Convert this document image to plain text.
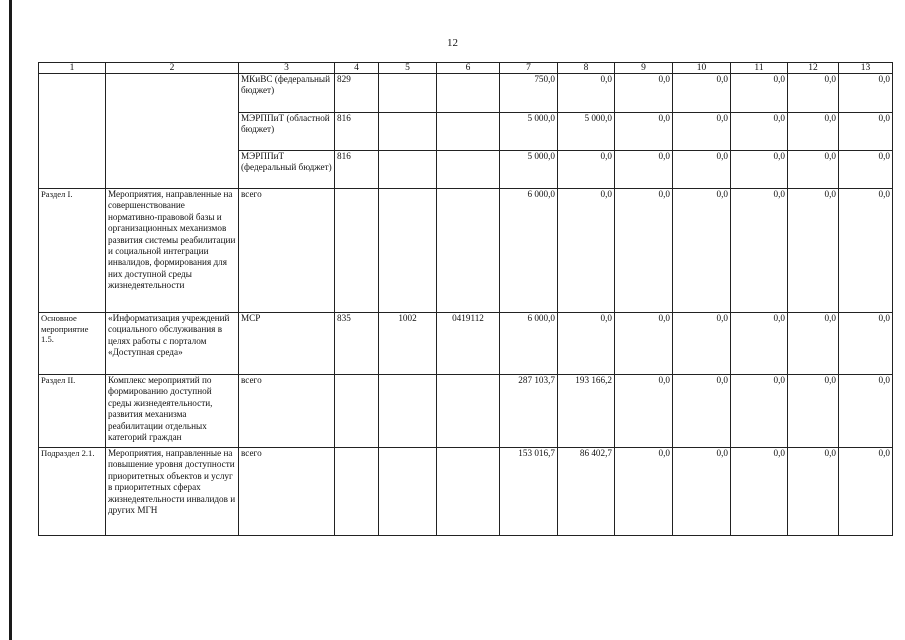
12
1	2	3	4	5	6	7	8	9	10	11	12	13
		МКиВС (федеральный бюджет)	829			750,0	0,0	0,0	0,0	0,0	0,0	0,0
		МЭРППиТ (областной бюджет)	816			5 000,0	5 000,0	0,0	0,0	0,0	0,0	0,0
		МЭРППиТ (федеральный бюджет)	816			5 000,0	0,0	0,0	0,0	0,0	0,0	0,0
Раздел I.	Мероприятия, направленные на совершенствование нормативно-правовой базы и организационных механизмов развития системы реабилитации и социальной интеграции инвалидов, формирования для них доступной среды жизнедеятельности	всего				6 000,0	0,0	0,0	0,0	0,0	0,0	0,0
Основное мероприятие 1.5.	«Информатизация учреждений социального обслуживания в целях работы с порталом «Доступная среда»	МСР	835	1002	0419112	6 000,0	0,0	0,0	0,0	0,0	0,0	0,0
Раздел II.	Комплекс мероприятий по формированию доступной среды жизнедеятельности, развития механизма реабилитации отдельных категорий граждан	всего				287 103,7	193 166,2	0,0	0,0	0,0	0,0	0,0
Подраздел 2.1.	Мероприятия, направленные на повышение уровня доступности приоритетных объектов и услуг в приоритетных сферах жизнедеятельности инвалидов и других МГН	всего				153 016,7	86 402,7	0,0	0,0	0,0	0,0	0,0
